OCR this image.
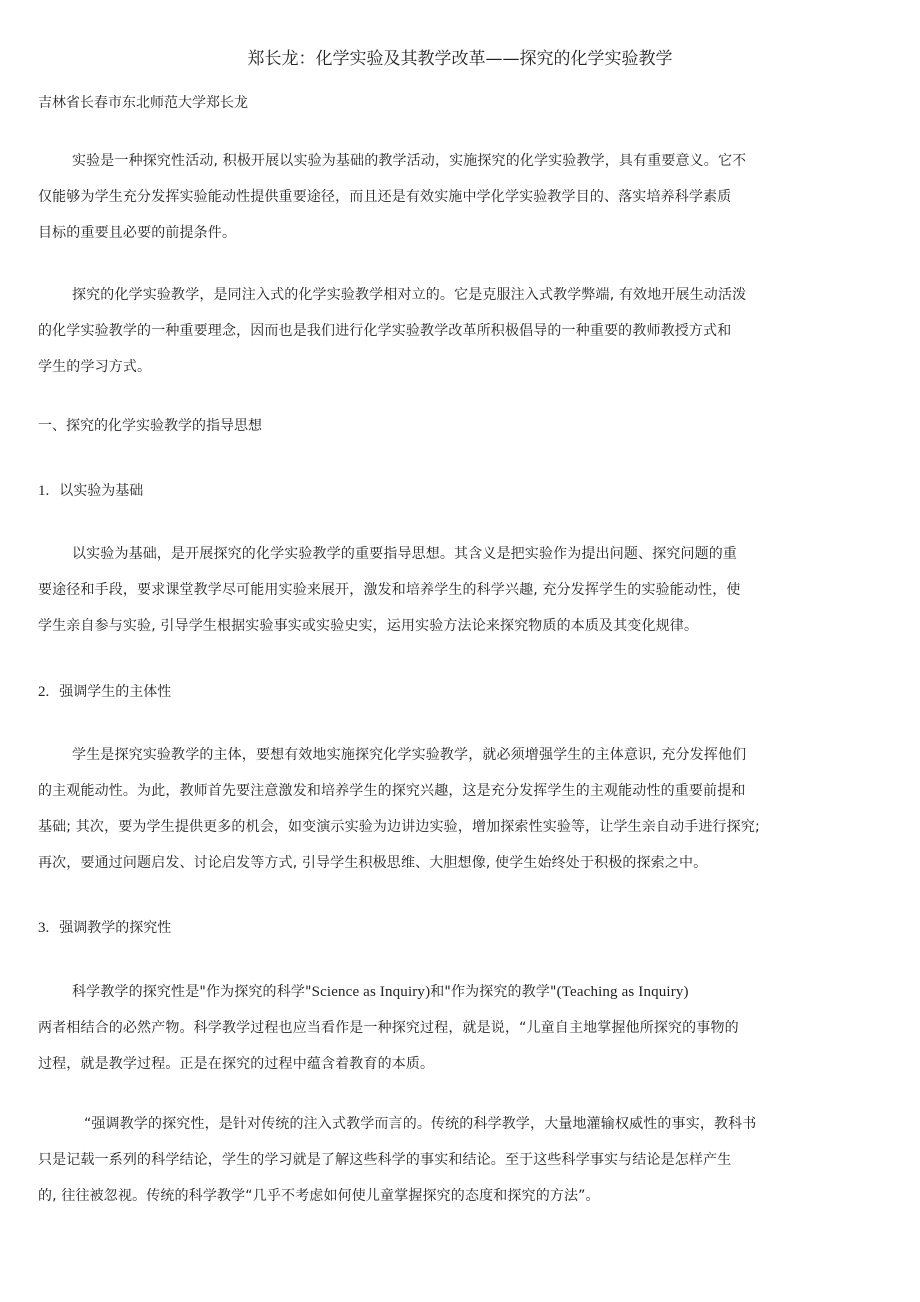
郑长龙：化学实验及其教学改革——探究的化学实验教学
吉林省长春市东北师范大学郑长龙
实验是一种探究性活动, 积极开展以实验为基础的教学活动，实施探究的化学实验教学，具有重要意义。它不
仅能够为学生充分发挥实验能动性提供重要途径，而且还是有效实施中学化学实验教学目的、落实培养科学素质
目标的重要且必要的前提条件。
探究的化学实验教学，是同注入式的化学实验教学相对立的。它是克服注入式教学弊端, 有效地开展生动活泼
的化学实验教学的一种重要理念，因而也是我们进行化学实验教学改革所积极倡导的一种重要的教师教授方式和
学生的学习方式。
一、探究的化学实验教学的指导思想
1. 以实验为基础
以实验为基础，是开展探究的化学实验教学的重要指导思想。其含义是把实验作为提出问题、探究问题的重
要途径和手段，要求课堂教学尽可能用实验来展开，激发和培养学生的科学兴趣, 充分发挥学生的实验能动性，使
学生亲自参与实验, 引导学生根据实验事实或实验史实，运用实验方法论来探究物质的本质及其变化规律。
2. 强调学生的主体性
学生是探究实验教学的主体，要想有效地实施探究化学实验教学，就必须增强学生的主体意识, 充分发挥他们
的主观能动性。为此，教师首先要注意激发和培养学生的探究兴趣，这是充分发挥学生的主观能动性的重要前提和
基础; 其次，要为学生提供更多的机会，如变演示实验为边讲边实验，增加探索性实验等，让学生亲自动手进行探究;
再次，要通过问题启发、讨论启发等方式, 引导学生积极思维、大胆想像, 使学生始终处于积极的探索之中。
3. 强调教学的探究性
科学教学的探究性是"作为探究的科学"Science as Inquiry)和"作为探究的教学"(Teaching as Inquiry)
两者相结合的必然产物。科学教学过程也应当看作是一种探究过程，就是说，“儿童自主地掌握他所探究的事物的
过程，就是教学过程。正是在探究的过程中蕴含着教育的本质。
“强调教学的探究性，是针对传统的注入式教学而言的。传统的科学教学，大量地灌输权威性的事实，教科书
只是记载一系列的科学结论，学生的学习就是了解这些科学的事实和结论。至于这些科学事实与结论是怎样产生
的, 往往被忽视。传统的科学教学“几乎不考虑如何使儿童掌握探究的态度和探究的方法”。
